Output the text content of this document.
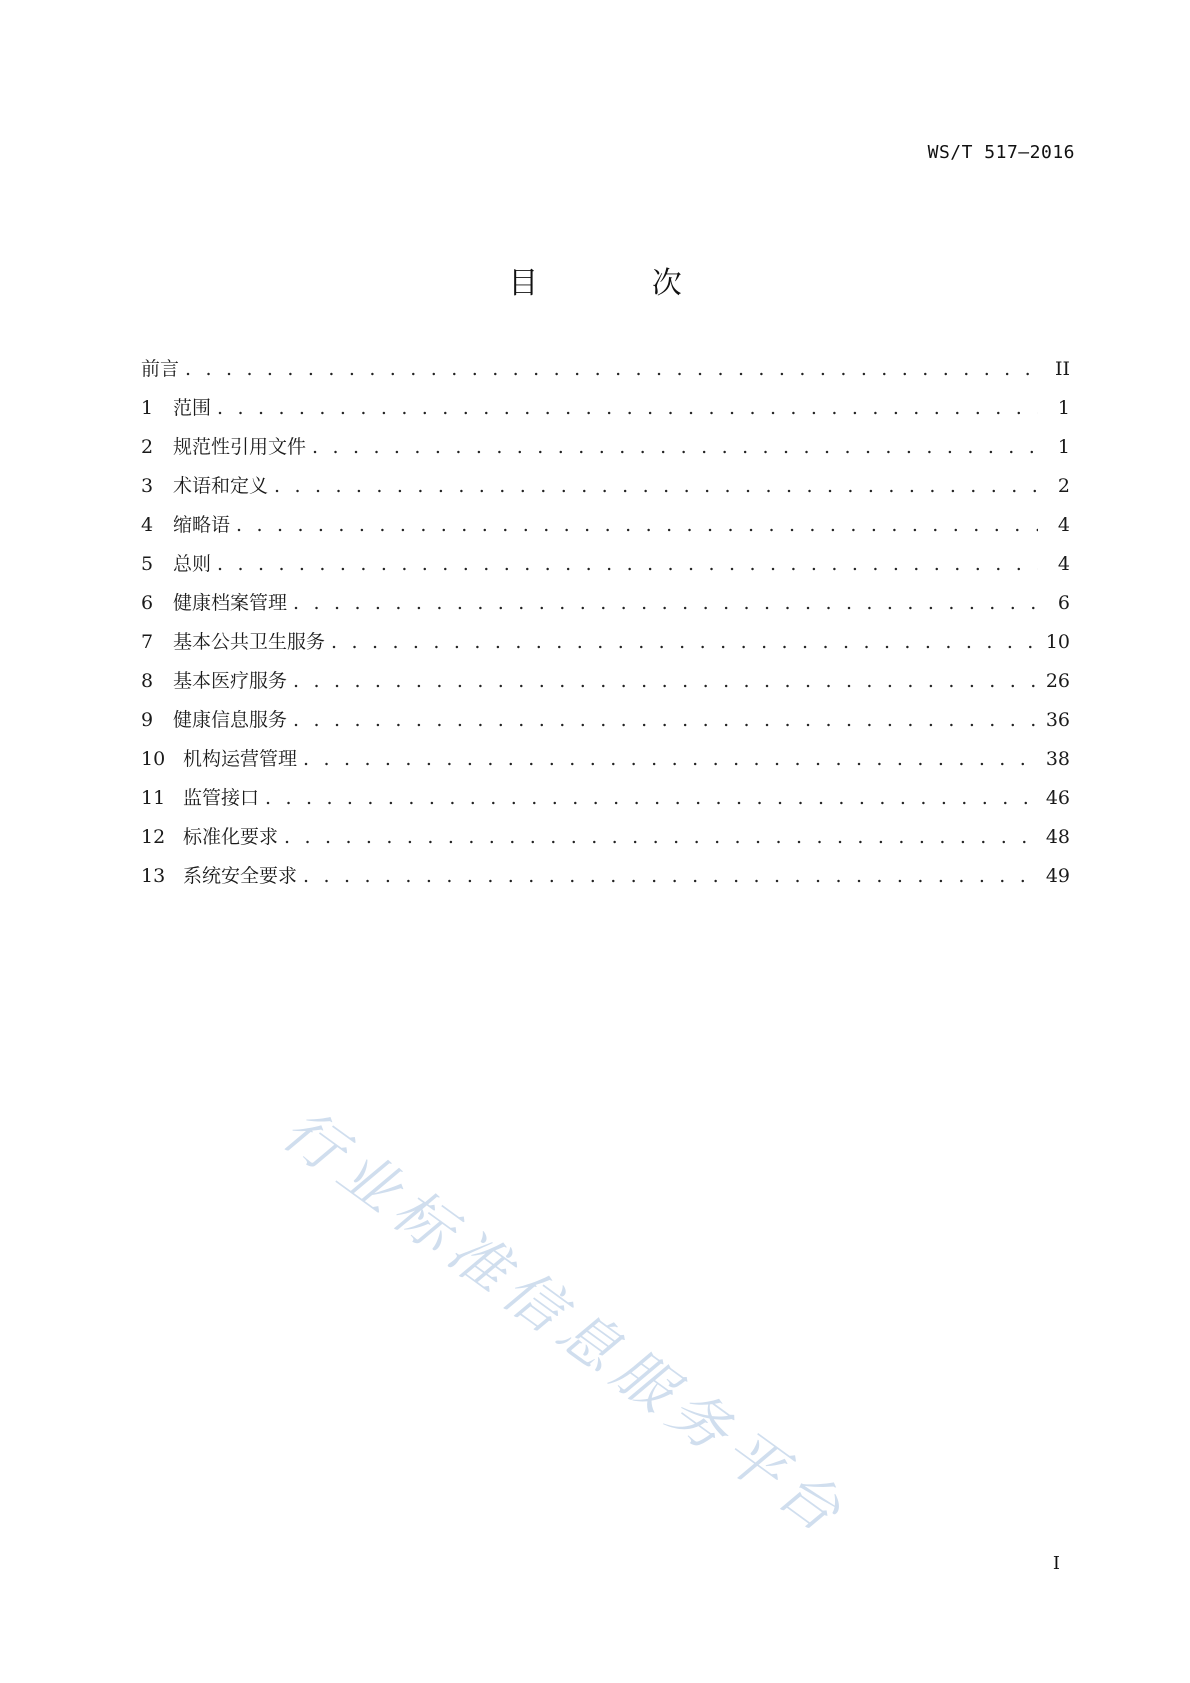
WS/T 517—2016
目 次
前言 . . .	II
1	范围 . . .	1
2	规范性引用文件 . . .	1
3	术语和定义 . . .	2
4	缩略语 . . .	4
5	总则 . . .	4
6	健康档案管理 . . .	6
7	基本公共卫生服务 . . .	10
8	基本医疗服务 . . .	26
9	健康信息服务 . . .	36
10 机构运营管理 . . .	38
11 监管接口 . . .	46
12 标准化要求 . . .	48
13 系统安全要求 . . .	49
行业标准信息服务平台
I
